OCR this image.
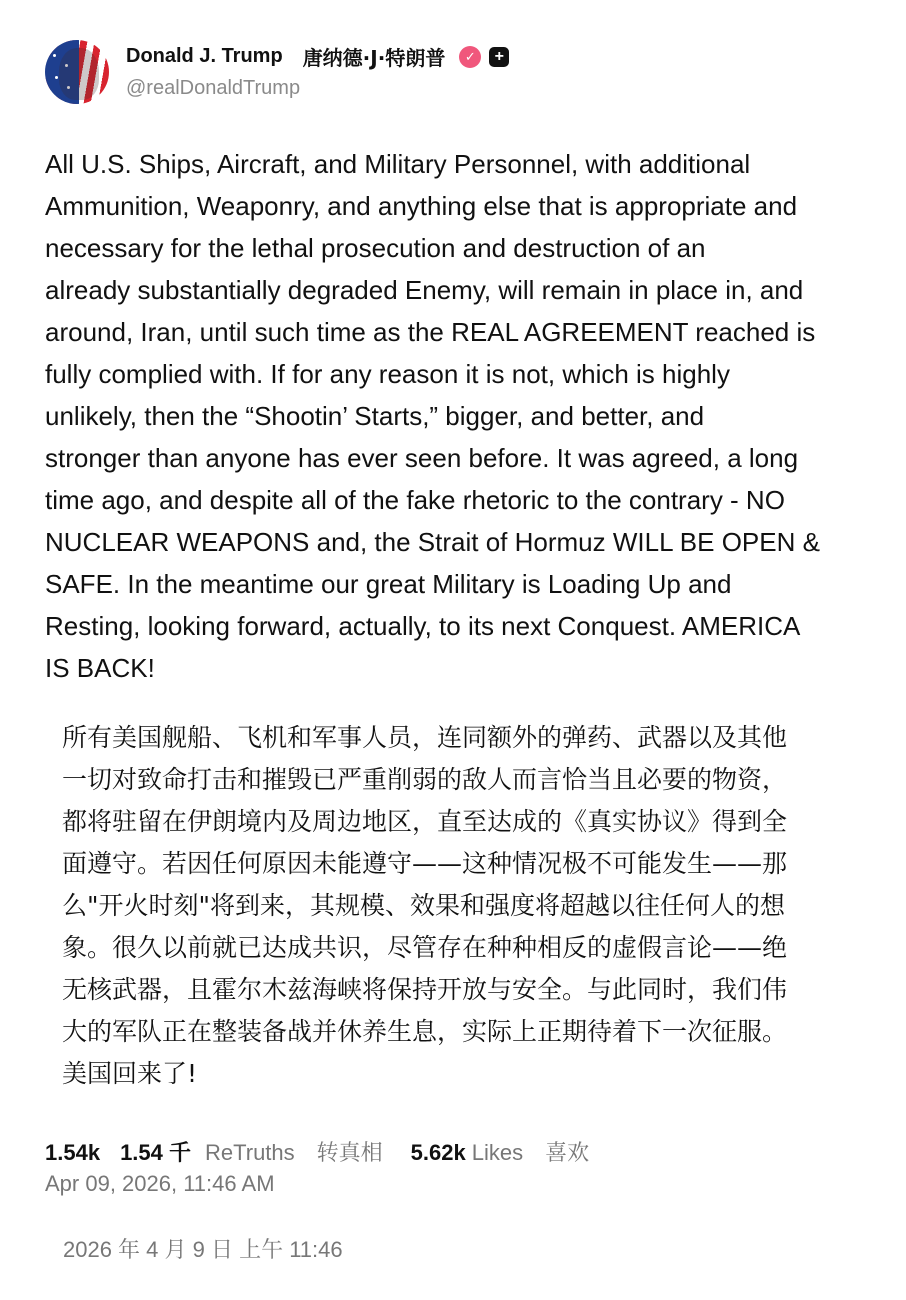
Donald J. Trump 唐纳德·J·特朗普	✓	+
@realDonaldTrump
All U.S. Ships, Aircraft, and Military Personnel, with additional
Ammunition, Weaponry, and anything else that is appropriate and
necessary for the lethal prosecution and destruction of an
already substantially degraded Enemy, will remain in place in, and
around, Iran, until such time as the REAL AGREEMENT reached is
fully complied with. If for any reason it is not, which is highly
unlikely, then the “Shootin’ Starts,” bigger, and better, and
stronger than anyone has ever seen before. It was agreed, a long
time ago, and despite all of the fake rhetoric to the contrary - NO
NUCLEAR WEAPONS and, the Strait of Hormuz WILL BE OPEN &
SAFE. In the meantime our great Military is Loading Up and
Resting, looking forward, actually, to its next Conquest. AMERICA
IS BACK!
所有美国舰船、飞机和军事人员，连同额外的弹药、武器以及其他
一切对致命打击和摧毁已严重削弱的敌人而言恰当且必要的物资，
都将驻留在伊朗境内及周边地区，直至达成的《真实协议》得到全
面遵守。若因任何原因未能遵守——这种情况极不可能发生——那
么"开火时刻"将到来，其规模、效果和强度将超越以往任何人的想
象。很久以前就已达成共识，尽管存在种种相反的虚假言论——绝
无核武器，且霍尔木兹海峡将保持开放与安全。与此同时，我们伟
大的军队正在整装备战并休养生息，实际上正期待着下一次征服。
美国回来了!
1.54k 1.54 千 ReTruths 转真相 5.62k Likes 喜欢
Apr 09, 2026, 11:46 AM
2026 年 4 月 9 日 上午 11:46
